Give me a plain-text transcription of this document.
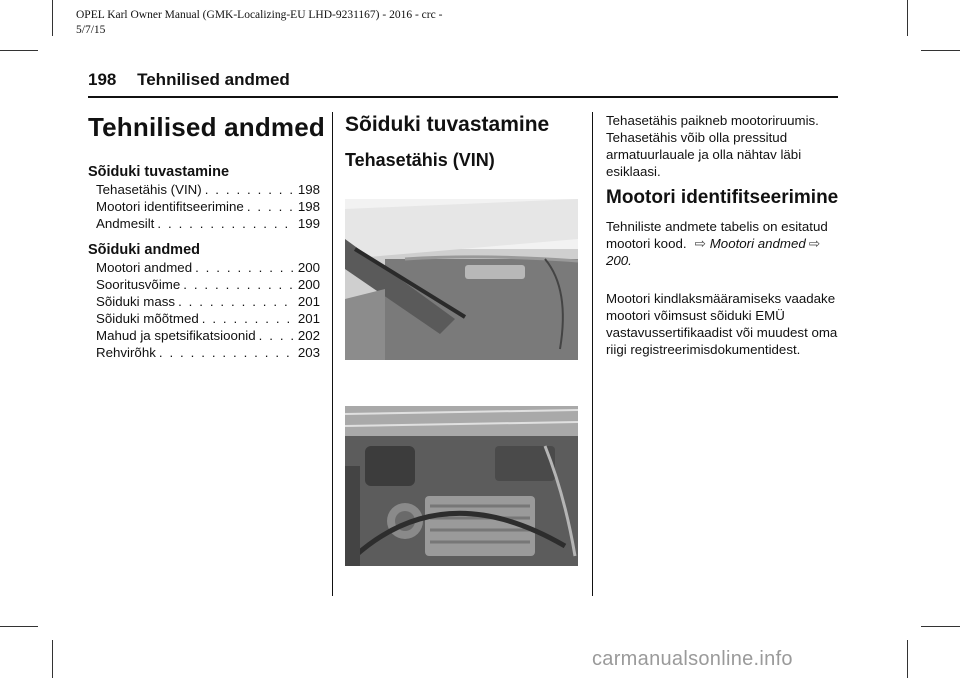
OPEL Karl Owner Manual (GMK-Localizing-EU LHD-9231167) - 2016 - crc -
5/7/15
198 Tehnilised andmed
Tehnilised andmed
Sõiduki tuvastamine
Tehasetähis (VIN) . . .	198
Mootori identifitseerimine . . .	198
Andmesilt . . .	199
Sõiduki andmed
Mootori andmed . . .	200
Sooritusvõime . . .	200
Sõiduki mass . . .	201
Sõiduki mõõtmed . . .	201
Mahud ja spetsifikatsioonid . . .	202
Rehvirõhk . . .	203
Sõiduki tuvastamine
Tehasetähis (VIN)
Tehasetähis paikneb mootoriruumis. Tehasetähis võib olla pressitud armatuurlauale ja olla nähtav läbi esiklaasi.
Mootori identifitseerimine
Tehniliste andmete tabelis on esitatud mootori kood. ⇨ Mootori andmed ⇨200.
Mootori kindlaksmääramiseks vaadake mootori võimsust sõiduki EMÜ vastavussertifikaadist või muudest oma riigi registreerimisdokumentidest.
carmanualsonline.info
